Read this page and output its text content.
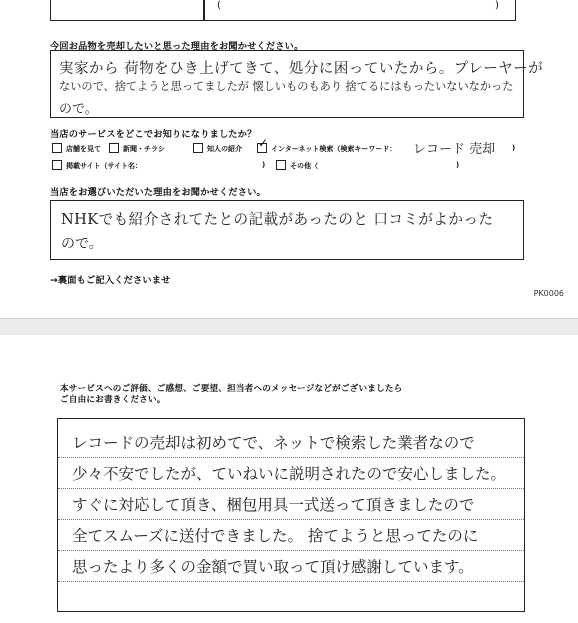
(	)
今回お品物を売却したいと思った理由をお聞かせください。
実家から 荷物をひき上げてきて、処分に困っていたから。プレーヤーが
ないので、捨てようと思ってましたが 懐しいものもあり 捨てるにはもったいないなかった
ので。
当店のサービスをどこでお知りになりましたか？
店舗を見て	新聞・チラシ	知人の紹介 ✓ インターネット検索（検索キーワード： レコード 売却 )
掲載サイト（サイト名：	)	その他（	)
当店をお選びいただいた理由をお聞かせください。
NHKでも紹介されてたとの記載があったのと 口コミがよかった
ので。
→裏面もご記入くださいませ
PK0006
本サービスへのご評価、ご感想、ご要望、担当者へのメッセージなどがございましたら
ご自由にお書きください。
レコードの売却は初めてで、ネットで検索した業者なので
少々不安でしたが、ていねいに説明されたので安心しました。
すぐに対応して頂き、梱包用具一式送って頂きましたので
全てスムーズに送付できました。 捨てようと思ってたのに
思ったより多くの金額で買い取って頂け感謝しています。
